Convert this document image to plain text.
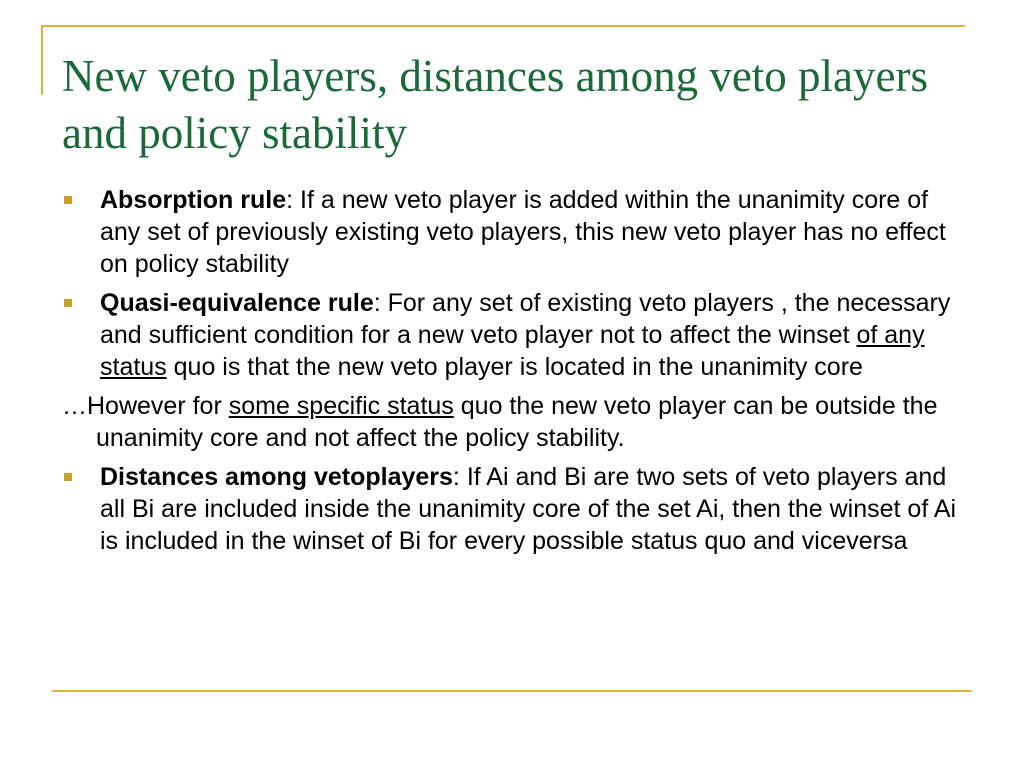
New veto players, distances among veto players and policy stability

Absorption rule: If a new veto player is added within the unanimity core of any set of previously existing veto players, this new veto player has no effect on policy stability

Quasi-equivalence rule: For any set of existing veto players , the necessary and sufficient condition for a new veto player not to affect the winset of any status quo is that the new veto player is located in the unanimity core

…However for some specific status quo the new veto player can be outside the unanimity core and not affect the policy stability.

Distances among vetoplayers: If Ai and Bi are two sets of veto players and all Bi are included inside the unanimity core of the set Ai, then the winset of Ai is included in the winset of Bi for every possible status quo and viceversa
